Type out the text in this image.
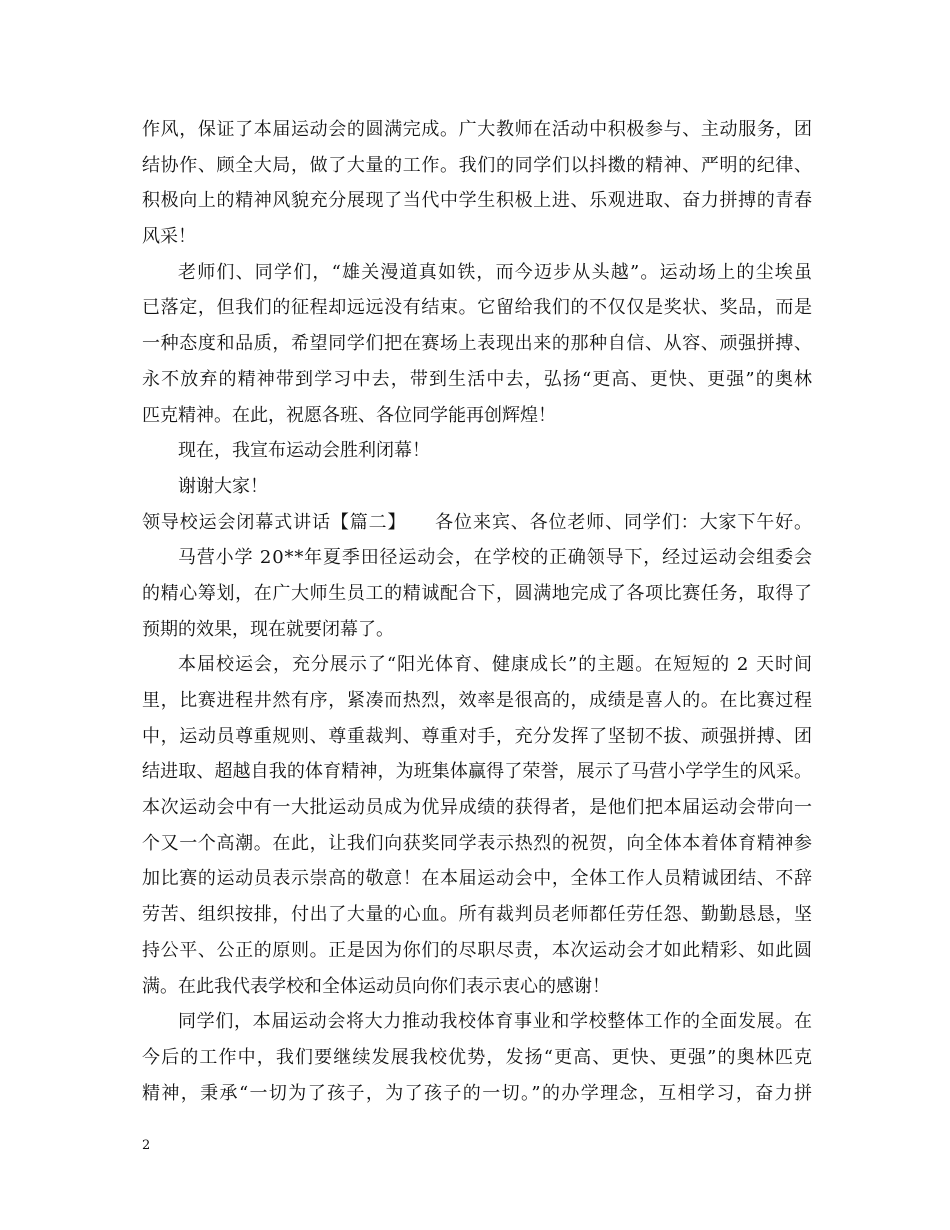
作风，保证了本届运动会的圆满完成。广大教师在活动中积极参与、主动服务，团
结协作、顾全大局，做了大量的工作。我们的同学们以抖擞的精神、严明的纪律、
积极向上的精神风貌充分展现了当代中学生积极上进、乐观进取、奋力拼搏的青春
风采！
老师们、同学们，“雄关漫道真如铁，而今迈步从头越”。运动场上的尘埃虽
已落定，但我们的征程却远远没有结束。它留给我们的不仅仅是奖状、奖品，而是
一种态度和品质，希望同学们把在赛场上表现出来的那种自信、从容、顽强拼搏、
永不放弃的精神带到学习中去，带到生活中去，弘扬“更高、更快、更强”的奥林
匹克精神。在此，祝愿各班、各位同学能再创辉煌！
现在，我宣布运动会胜利闭幕！
谢谢大家！
领导校运会闭幕式讲话【篇二】　　各位来宾、各位老师、同学们：大家下午好。
马营小学 20**年夏季田径运动会，在学校的正确领导下，经过运动会组委会
的精心筹划，在广大师生员工的精诚配合下，圆满地完成了各项比赛任务，取得了
预期的效果，现在就要闭幕了。
本届校运会，充分展示了“阳光体育、健康成长”的主题。在短短的 2 天时间
里，比赛进程井然有序，紧凑而热烈，效率是很高的，成绩是喜人的。在比赛过程
中，运动员尊重规则、尊重裁判、尊重对手，充分发挥了坚韧不拔、顽强拼搏、团
结进取、超越自我的体育精神，为班集体赢得了荣誉，展示了马营小学学生的风采。
本次运动会中有一大批运动员成为优异成绩的获得者，是他们把本届运动会带向一
个又一个高潮。在此，让我们向获奖同学表示热烈的祝贺，向全体本着体育精神参
加比赛的运动员表示崇高的敬意！在本届运动会中，全体工作人员精诚团结、不辞
劳苦、组织按排，付出了大量的心血。所有裁判员老师都任劳任怨、勤勤恳恳，坚
持公平、公正的原则。正是因为你们的尽职尽责，本次运动会才如此精彩、如此圆
满。在此我代表学校和全体运动员向你们表示衷心的感谢！
同学们，本届运动会将大力推动我校体育事业和学校整体工作的全面发展。在
今后的工作中，我们要继续发展我校优势，发扬“更高、更快、更强”的奥林匹克
精神，秉承“一切为了孩子，为了孩子的一切。”的办学理念，互相学习，奋力拼
2
